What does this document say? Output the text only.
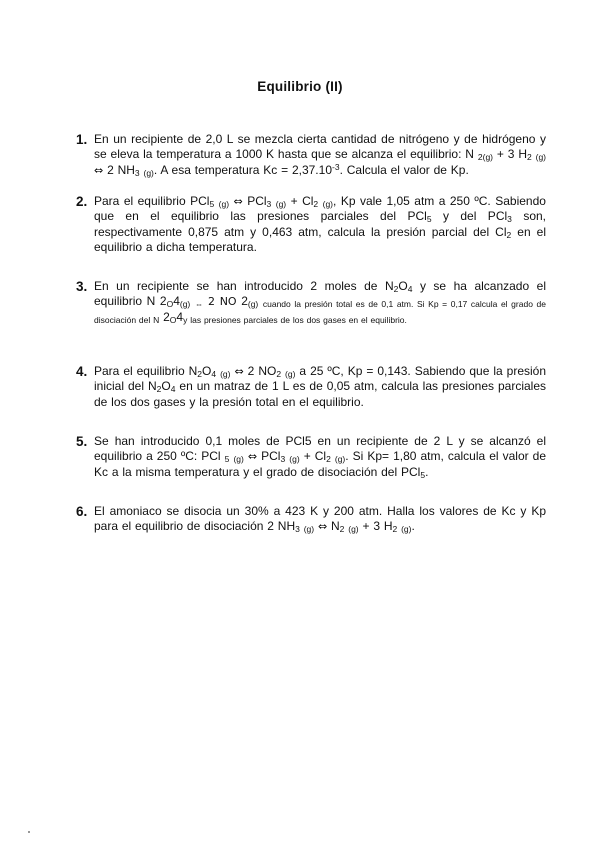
Equilibrio (II)
1. En un recipiente de 2,0 L se mezcla cierta cantidad de nitrógeno y de hidrógeno y se eleva la temperatura a 1000 K hasta que se alcanza el equilibrio: N $2_{(g)} + 3$ H2 $_{(g)}$ ⇔ 2 NH3 $_{(g)}$. A esa temperatura $Kc = 2,37.10^{-3}$. Calcula el valor de Kp.
2. Para el equilibrio PCl5 $_{(g)}$ ⇔ PCl3 $_{(g)}$ + Cl2 $_{(g)}$, Kp vale 1,05 atm a 250 ºC. Sabiendo que en el equilibrio las presiones parciales del PCl5 y del PCl3 son, respectivamente 0,875 atm y 0,463 atm, calcula la presión parcial del Cl2 en el equilibrio a dicha temperatura.
3. En un recipiente se han introducido 2 moles de N2O4 y se ha alcanzado el equilibrio N 2O4(g) $_\Leftrightarrow$ 2 NO 2(g) $_{cuando la presión total es de 0,1 atm. Si Kp = 0,17 calcula el grado de disociación del N}$ 2O4y las presiones parciales de los dos gases en el equilibrio.
4. Para el equilibrio N2O4 $_{(g)}$ ⇔ 2 NO2 $_{(g)}$ a 25 ºC, Kp = 0,143. Sabiendo que la presión inicial del N2O4 en un matraz de 1 L es de 0,05 atm, calcula las presiones parciales de los dos gases y la presión total en el equilibrio.
5. Se han introducido 0,1 moles de PCl5 en un recipiente de 2 L y se alcanzó el equilibrio a 250 ºC: PCl 5 $_{(g)}$ ⇔ PCl3 $_{(g)}$ + Cl2 $_{(g)}$. Si Kp= 1,80 atm, calcula el valor de Kc a la misma temperatura y el grado de disociación del PCl5.
6. El amoniaco se disocia un 30% a 423 K y 200 atm. Halla los valores de Kc y Kp para el equilibrio de disociación 2 NH3 $_{(g)}$ ⇔ N2 $_{(g)}$ + 3 H2 $_{(g)}$.
